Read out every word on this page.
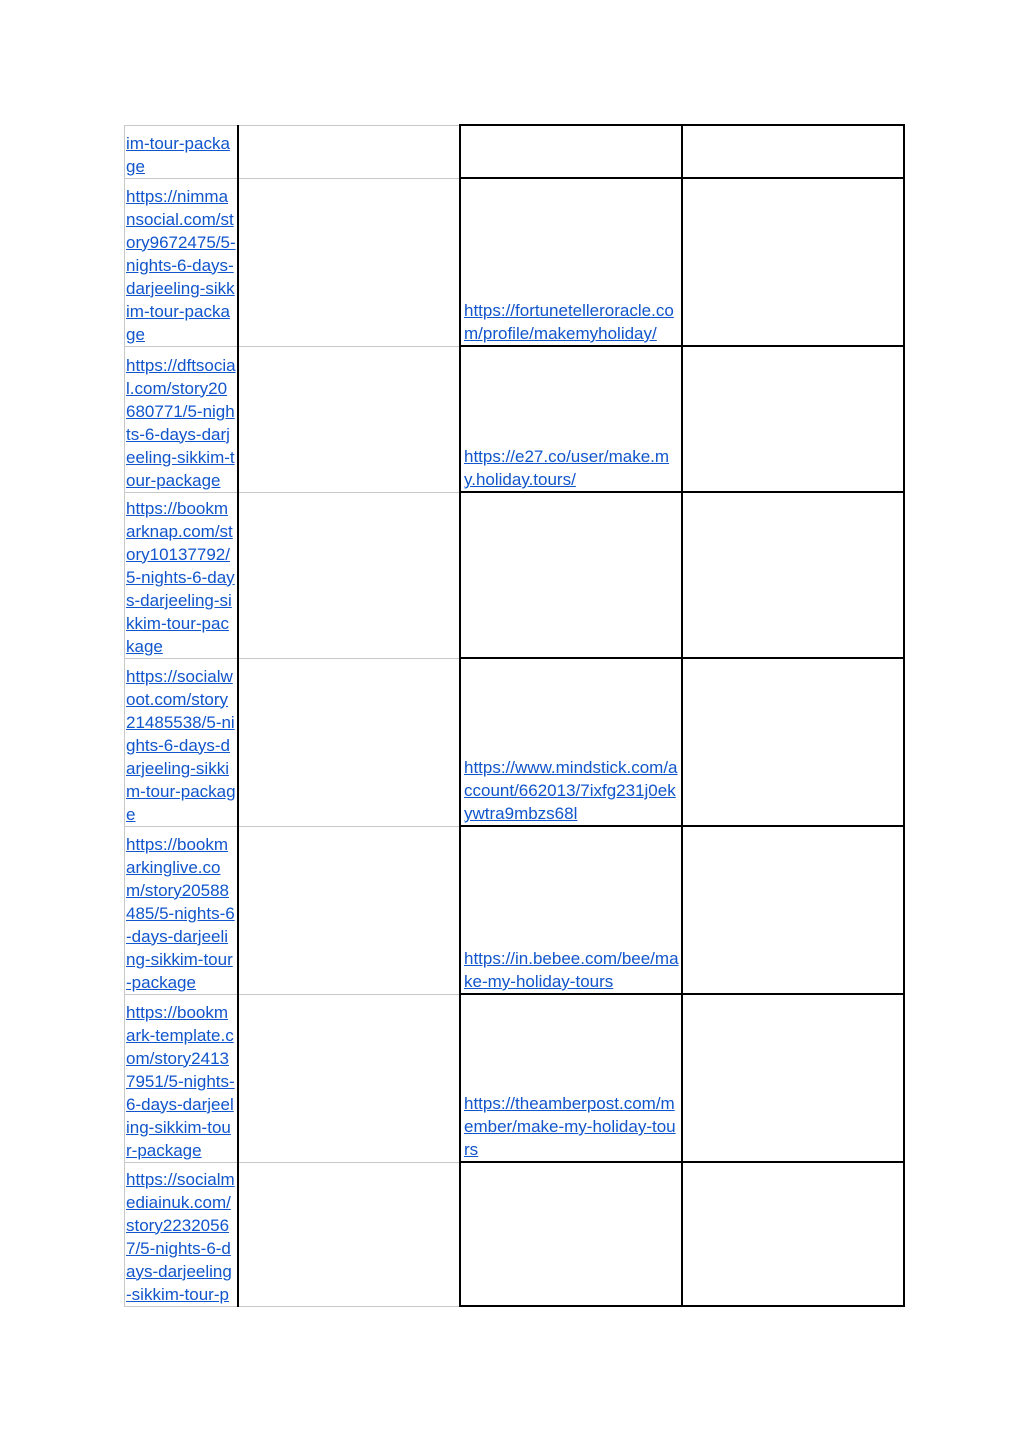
im-tour-package			

https://nimmansocial.com/story9672475/5-nights-6-days-darjeeling-sikkim-tour-package		https://fortunetelleroracle.com/profile/makemyholiday/	

https://dftsocial.com/story20680771/5-nights-6-days-darjeeling-sikkim-tour-package		https://e27.co/user/make.my.holiday.tours/	

https://bookmarknap.com/story10137792/5-nights-6-days-darjeeling-sikkim-tour-package			

https://socialwoot.com/story21485538/5-nights-6-days-darjeeling-sikkim-tour-package		https://www.mindstick.com/account/662013/7ixfg231j0ekywtra9mbzs68l	

https://bookmarkinglive.com/story20588485/5-nights-6-days-darjeeling-sikkim-tour-package		https://in.bebee.com/bee/make-my-holiday-tours	

https://bookmark-template.com/story24137951/5-nights-6-days-darjeeling-sikkim-tour-package		https://theamberpost.com/member/make-my-holiday-tours	

https://socialmediainuk.com/story22320567/5-nights-6-days-darjeeling-sikkim-tour-p			
